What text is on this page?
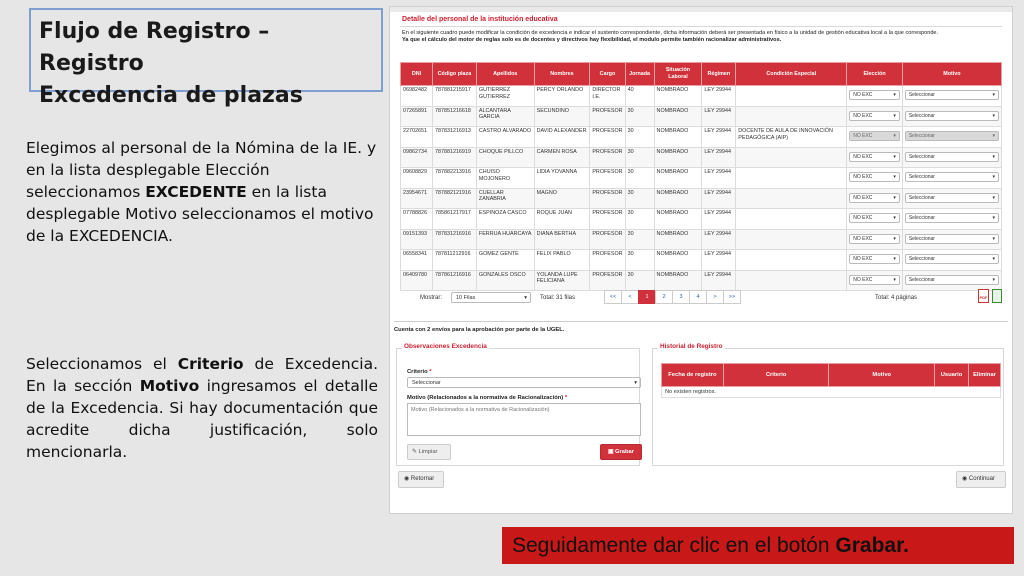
Flujo de Registro – Registro
Excedencia de plazas
Elegimos al personal de la Nómina de la IE. y en la lista desplegable Elección seleccionamos EXCEDENTE en la lista desplegable Motivo seleccionamos el motivo de la EXCEDENCIA.
Seleccionamos el Criterio de Excedencia. En la sección Motivo ingresamos el detalle de la Excedencia. Si hay documentación que acredite dicha justificación, solo mencionarla.
Detalle del personal de la institución educativa
En el siguiente cuadro puede modificar la condición de excedencia e indicar el sustento correspondiente, dicha información deberá ser presentada en físico a la unidad de gestión educativa local a la que corresponde.
Ya que el cálculo del motor de reglas solo es de docentes y directivos hay flexibilidad, el modulo permite también racionalizar administrativos.
DNI	Código plaza	Apellidos	Nombres	Cargo	Jornada	Situación Laboral	Régimen	Condición Especial	Elección	Motivo
06982482	787881215917	GUTIERREZ GUTIERREZ	PERCY ORLANDO	DIRECTOR I.E.	40	NOMBRADO	LEY 29944		NO EXC ▾	Seleccionar ▾

07265891	787851216618	ALCANTARA GARCIA	SECUNDINO	PROFESOR	30	NOMBRADO	LEY 29944		NO EXC ▾	Seleccionar ▾

22702651	787831216913	CASTRO ALVARADO	DAVID ALEXANDER	PROFESOR	30	NOMBRADO	LEY 29944	DOCENTE DE AULA DE INNOVACIÓN PEDAGÓGICA (AIP)	NO EXC ▾	Seleccionar ▾

09862734	787881216919	CHOQUE PILLCO	CARMEN ROSA	PROFESOR	30	NOMBRADO	LEY 29944		NO EXC ▾	Seleccionar ▾

09608829	787882213916	CHUISO MOJONERO	LIDIA YOVANNA	PROFESOR	30	NOMBRADO	LEY 29944		NO EXC ▾	Seleccionar ▾

23954671	787882121916	CUELLAR ZANABRIA	MAGNO	PROFESOR	30	NOMBRADO	LEY 29944		NO EXC ▾	Seleccionar ▾

07788826	785861217917	ESPINOZA CASCO	ROQUE JUAN	PROFESOR	30	NOMBRADO	LEY 29944		NO EXC ▾	Seleccionar ▾

09151393	787831216916	FERRUA HUARCAYA	DIANA BERTHA	PROFESOR	30	NOMBRADO	LEY 29944		NO EXC ▾	Seleccionar ▾

06558341	787811212916	GOMEZ GENTE	FELIX PABLO	PROFESOR	30	NOMBRADO	LEY 29944		NO EXC ▾	Seleccionar ▾

06409780	787861216916	GONZALES OSCO	YOLANDA LUPE FELICIANA	PROFESOR	30	NOMBRADO	LEY 29944		NO EXC ▾	Seleccionar ▾
Mostrar:	10 Filas	▾ Total: 31 filas	<<	<	1	2	3	4	>	>>	Total: 4 páginas	PDF
Cuenta con 2 envíos para la aprobación por parte de la UGEL.
Criterio *
Seleccionar	▾
Motivo (Relacionados a la normativa de Racionalización) *
Motivo (Relacionados a la normativa de Racionalización)
✎ Limpiar	▣ Grabar
Observaciones Excedencia
Fecha de registro	Criterio	Motivo	Usuario	Eliminar
No existen registros.
Historial de Registro
◉ Retornar	◉ Continuar
Seguidamente dar clic en el botón Grabar.
